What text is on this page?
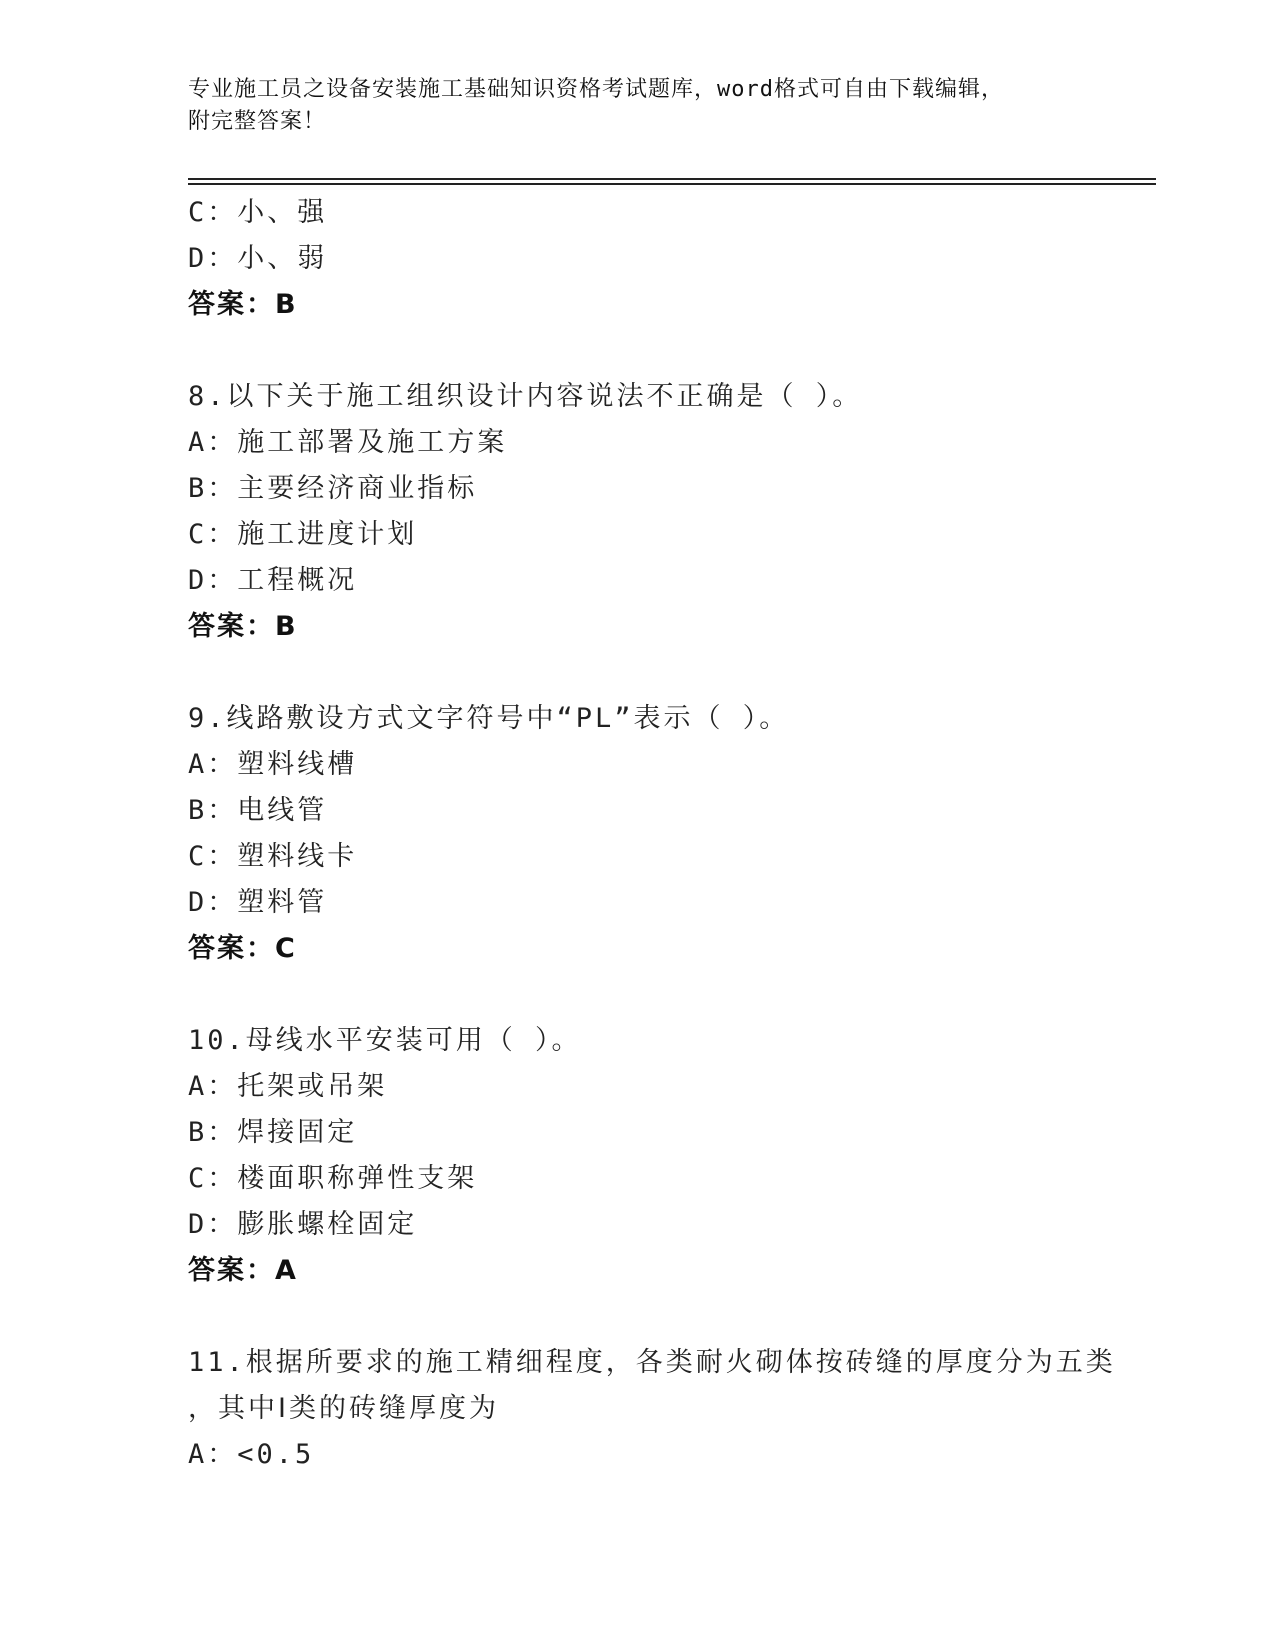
专业施工员之设备安装施工基础知识资格考试题库，word格式可自由下载编辑，
附完整答案！
C：小、强
D：小、弱
答案：B
8.以下关于施工组织设计内容说法不正确是（ ）。
A：施工部署及施工方案
B：主要经济商业指标
C：施工进度计划
D：工程概况
答案：B
9.线路敷设方式文字符号中“PL”表示（ ）。
A：塑料线槽
B：电线管
C：塑料线卡
D：塑料管
答案：C
10.母线水平安装可用（ ）。
A：托架或吊架
B：焊接固定
C：楼面职称弹性支架
D：膨胀螺栓固定
答案：A
11.根据所要求的施工精细程度，各类耐火砌体按砖缝的厚度分为五类
，其中Ⅰ类的砖缝厚度为
A：<0.5
